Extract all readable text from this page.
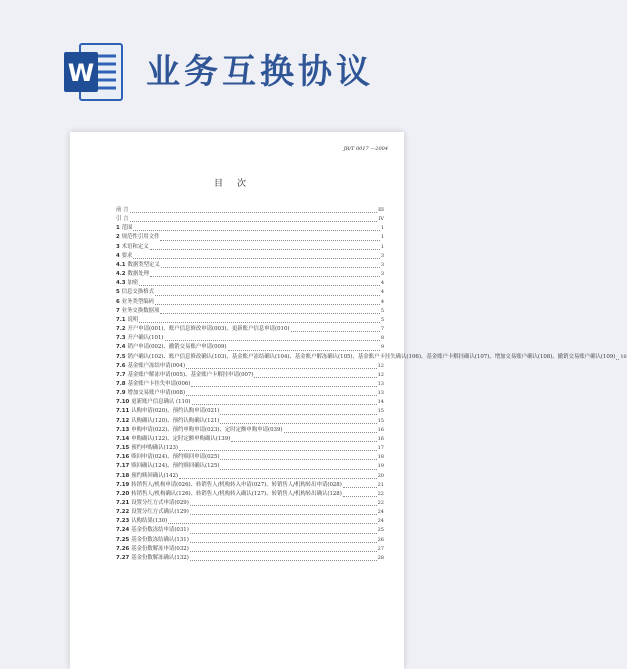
W 业务互换协议
JR/T 0017 —2004
目次
前 言	III
引 言	IV
1 范围	1
2 规范性引用文件	1
3 术语和定义	1
4 要求	3
4.1 数据类型定义	3
4.2 数据处理	3
4.3 加密	4
5 信息交换格式	4
6 业务类型编码	4
7 业务交换数据项	5
7.1 说明	5
7.2 开户申请(001)、账户信息修改申请(003)、更新账户信息申请(010)	7
7.3 开户确认(101)	8
7.4 销户申请(002)、撤销交易账户申请(009)	9
7.5 销户确认(102)、账户信息修改确认(103)、基金账户冻结确认(104)、基金账户解冻确认(105)、基金账户卡挂失确认(106)、基金账户卡解挂确认(107)、增加交易账户确认(108)、撤销交易账户确认(109) 10
7.6 基金账户冻结申请(004)	12
7.7 基金账户解冻申请(005)、基金账户卡解挂申请(007)	12
7.8 基金账户卡挂失申请(006)	13
7.9 增加交易账户申请(008)	13
7.10 更新账户信息确认 (110)	14
7.11 认购申请(020)、预约认购申请(021)	15
7.12 认购确认(120)、预约认购确认(121)	15
7.13 申购申请(022)、预约申购申请(023)、定时定额申购申请(039)	16
7.14 申购确认(122)、定时定额申购确认(139)	16
7.15 预约申购确认(123)	17
7.16 赎回申请(024)、预约赎回申请(025)	18
7.17 赎回确认(124)、预约赎回确认(125)	19
7.18 预约赎回确认(142)	20
7.19 转销售人/机构申请(026)、转销售人/机构转入申请(027)、转销售人/机构转出申请(028)	21
7.20 转销售人/机构确认(126)、转销售人/机构转入确认(127)、转销售人/机构转出确认(128)	22
7.21 设置分红方式申请(029)	22
7.22 设置分红方式确认(129)	24
7.23 认购结果(130)	24
7.24 基金份数冻结申请(031)	25
7.25 基金份数冻结确认(131)	26
7.26 基金份数解冻申请(032)	27
7.27 基金份数解冻确认(132)	28
